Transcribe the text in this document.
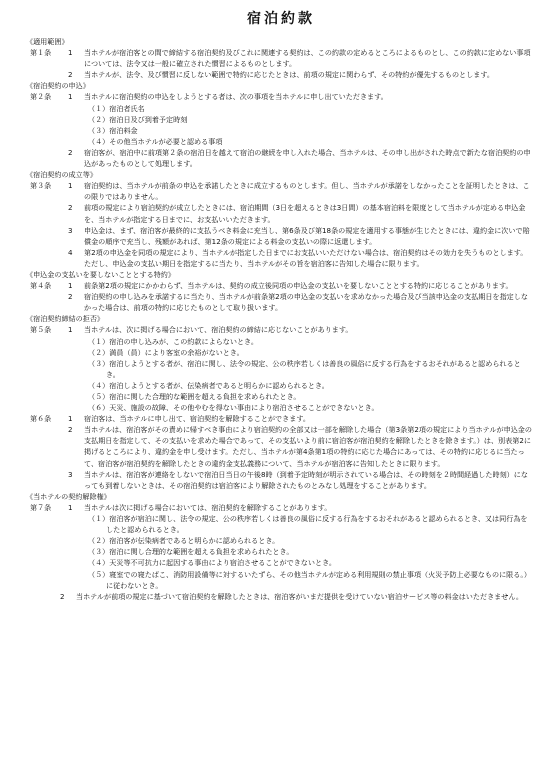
宿泊約款
《適用範囲》
第１条	1	当ホテルが宿泊客との間で締結する宿泊契約及びこれに関連する契約は、この約款の定めるところによるものとし、この約款に定めない事項については、法令又は一般に確立された慣習によるものとします。
2	当ホテルが、法令、及び慣習に反しない範囲で特約に応じたときは、前項の規定に関わらず、その特約が優先するものとします。
《宿泊契約の申込》
第２条	1	当ホテルに宿泊契約の申込をしようとする者は、次の事項を当ホテルに申し出ていただきます。
（１）宿泊者氏名
（２）宿泊日及び到着予定時刻
（３）宿泊料金
（４）その他当ホテルが必要と認める事項
2	宿泊客が、宿泊中に前項第２条の宿泊日を越えて宿泊の継続を申し入れた場合、当ホテルは、その申し出がされた時点で新たな宿泊契約の申込があったものとして処理します。
《宿泊契約の成立等》
第３条	1	宿泊契約は、当ホテルが前条の申込を承諾したときに成立するものとします。但し、当ホテルが承諾をしなかったことを証明したときは、この限りではありません。
2	前項の規定により宿泊契約が成立したときには、宿泊期間（3日を超えるときは3日間）の基本宿泊料を限度として当ホテルが定める申込金を、当ホテルが指定する日までに、お支払いいただきます。
3	申込金は、まず、宿泊客が最終的に支払うべき料金に充当し、第6条及び第18条の規定を適用する事態が生じたときには、違約金に次いで賠償金の順序で充当し、残額があれば、第12条の規定による料金の支払いの際に返還します。
4	第2項の申込金を同項の規定により、当ホテルが指定した日までにお支払いいただけない場合は、宿泊契約はその効力を失うものとします。ただし、申込金の支払い期日を指定するに当たり、当ホテルがその旨を宿泊客に告知した場合に限ります。
《申込金の支払いを要しないこととする特約》
第４条	1	前条第2項の規定にかかわらず、当ホテルは、契約の成立後同項の申込金の支払いを要しないこととする特約に応じることがあります。
2	宿泊契約の申し込みを承諾するに当たり、当ホテルが前条第2項の申込金の支払いを求めなかった場合及び当該申込金の支払期日を指定しなかった場合は、前項の特約に応じたものとして取り扱います。
《宿泊契約締結の拒否》
第５条	1	当ホテルは、次に掲げる場合において、宿泊契約の締結に応じないことがあります。
（１）宿泊の申し込みが、この約款によらないとき。
（２）満員（員）により客室の余裕がないとき。
（３）宿泊しようとする者が、宿泊に関し、法令の規定、公の秩序若しくは善良の風俗に反する行為をするおそれがあると認められるとき。
（４）宿泊しようとする者が、伝染病者であると明らかに認められるとき。
（５）宿泊に関した合理的な範囲を超える負担を求められたとき。
（６）天災、施設の故障、その他やむを得ない事由により宿泊させることができないとき。
第６条	1	宿泊客は、当ホテルに申し出て、宿泊契約を解除することができます。
2	当ホテルは、宿泊客がその責めに帰すべき事由により宿泊契約の全部又は一部を解除した場合（第3条第2項の規定により当ホテルが申込金の支払期日を指定して、その支払いを求めた場合であって、その支払いより前に宿泊客が宿泊契約を解除したときを除きます。）は、別表第2に掲げるところにより、違約金を申し受けます。ただし、当ホテルが第4条第1項の特約に応じた場合にあっては、その特約に応じるに当たって、宿泊客が宿泊契約を解除したときの違約金支払義務について、当ホテルが宿泊客に告知したときに限ります。
3	当ホテルは、宿泊客が連絡をしないで宿泊日当日の午後8時（到着予定時刻が明示されている場合は、その時刻を２時間経過した時刻）になっても到着しないときは、その宿泊契約は宿泊客により解除されたものとみなし処理をすることがあります。
《当ホテルの契約解除権》
第７条	1	当ホテルは次に掲げる場合においては、宿泊契約を解除することがあります。
（１）宿泊客が宿泊に関し、法令の規定、公の秩序若しくは善良の風俗に反する行為をするおそれがあると認められるとき、又は同行為をしたと認められるとき。
（２）宿泊客が伝染病者であると明らかに認められるとき。
（３）宿泊に関し合理的な範囲を超える負担を求められたとき。
（４）天災等不可抗力に起因する事由により宿泊させることができないとき。
（５）寝室での寝たばこ、消防用設備等に対するいたずら、その他当ホテルが定める利用規則の禁止事項（火災予防上必要なものに限る。）に従わないとき。
2	当ホテルが前項の規定に基づいて宿泊契約を解除したときは、宿泊客がいまだ提供を受けていない宿泊サービス等の料金はいただきません。
